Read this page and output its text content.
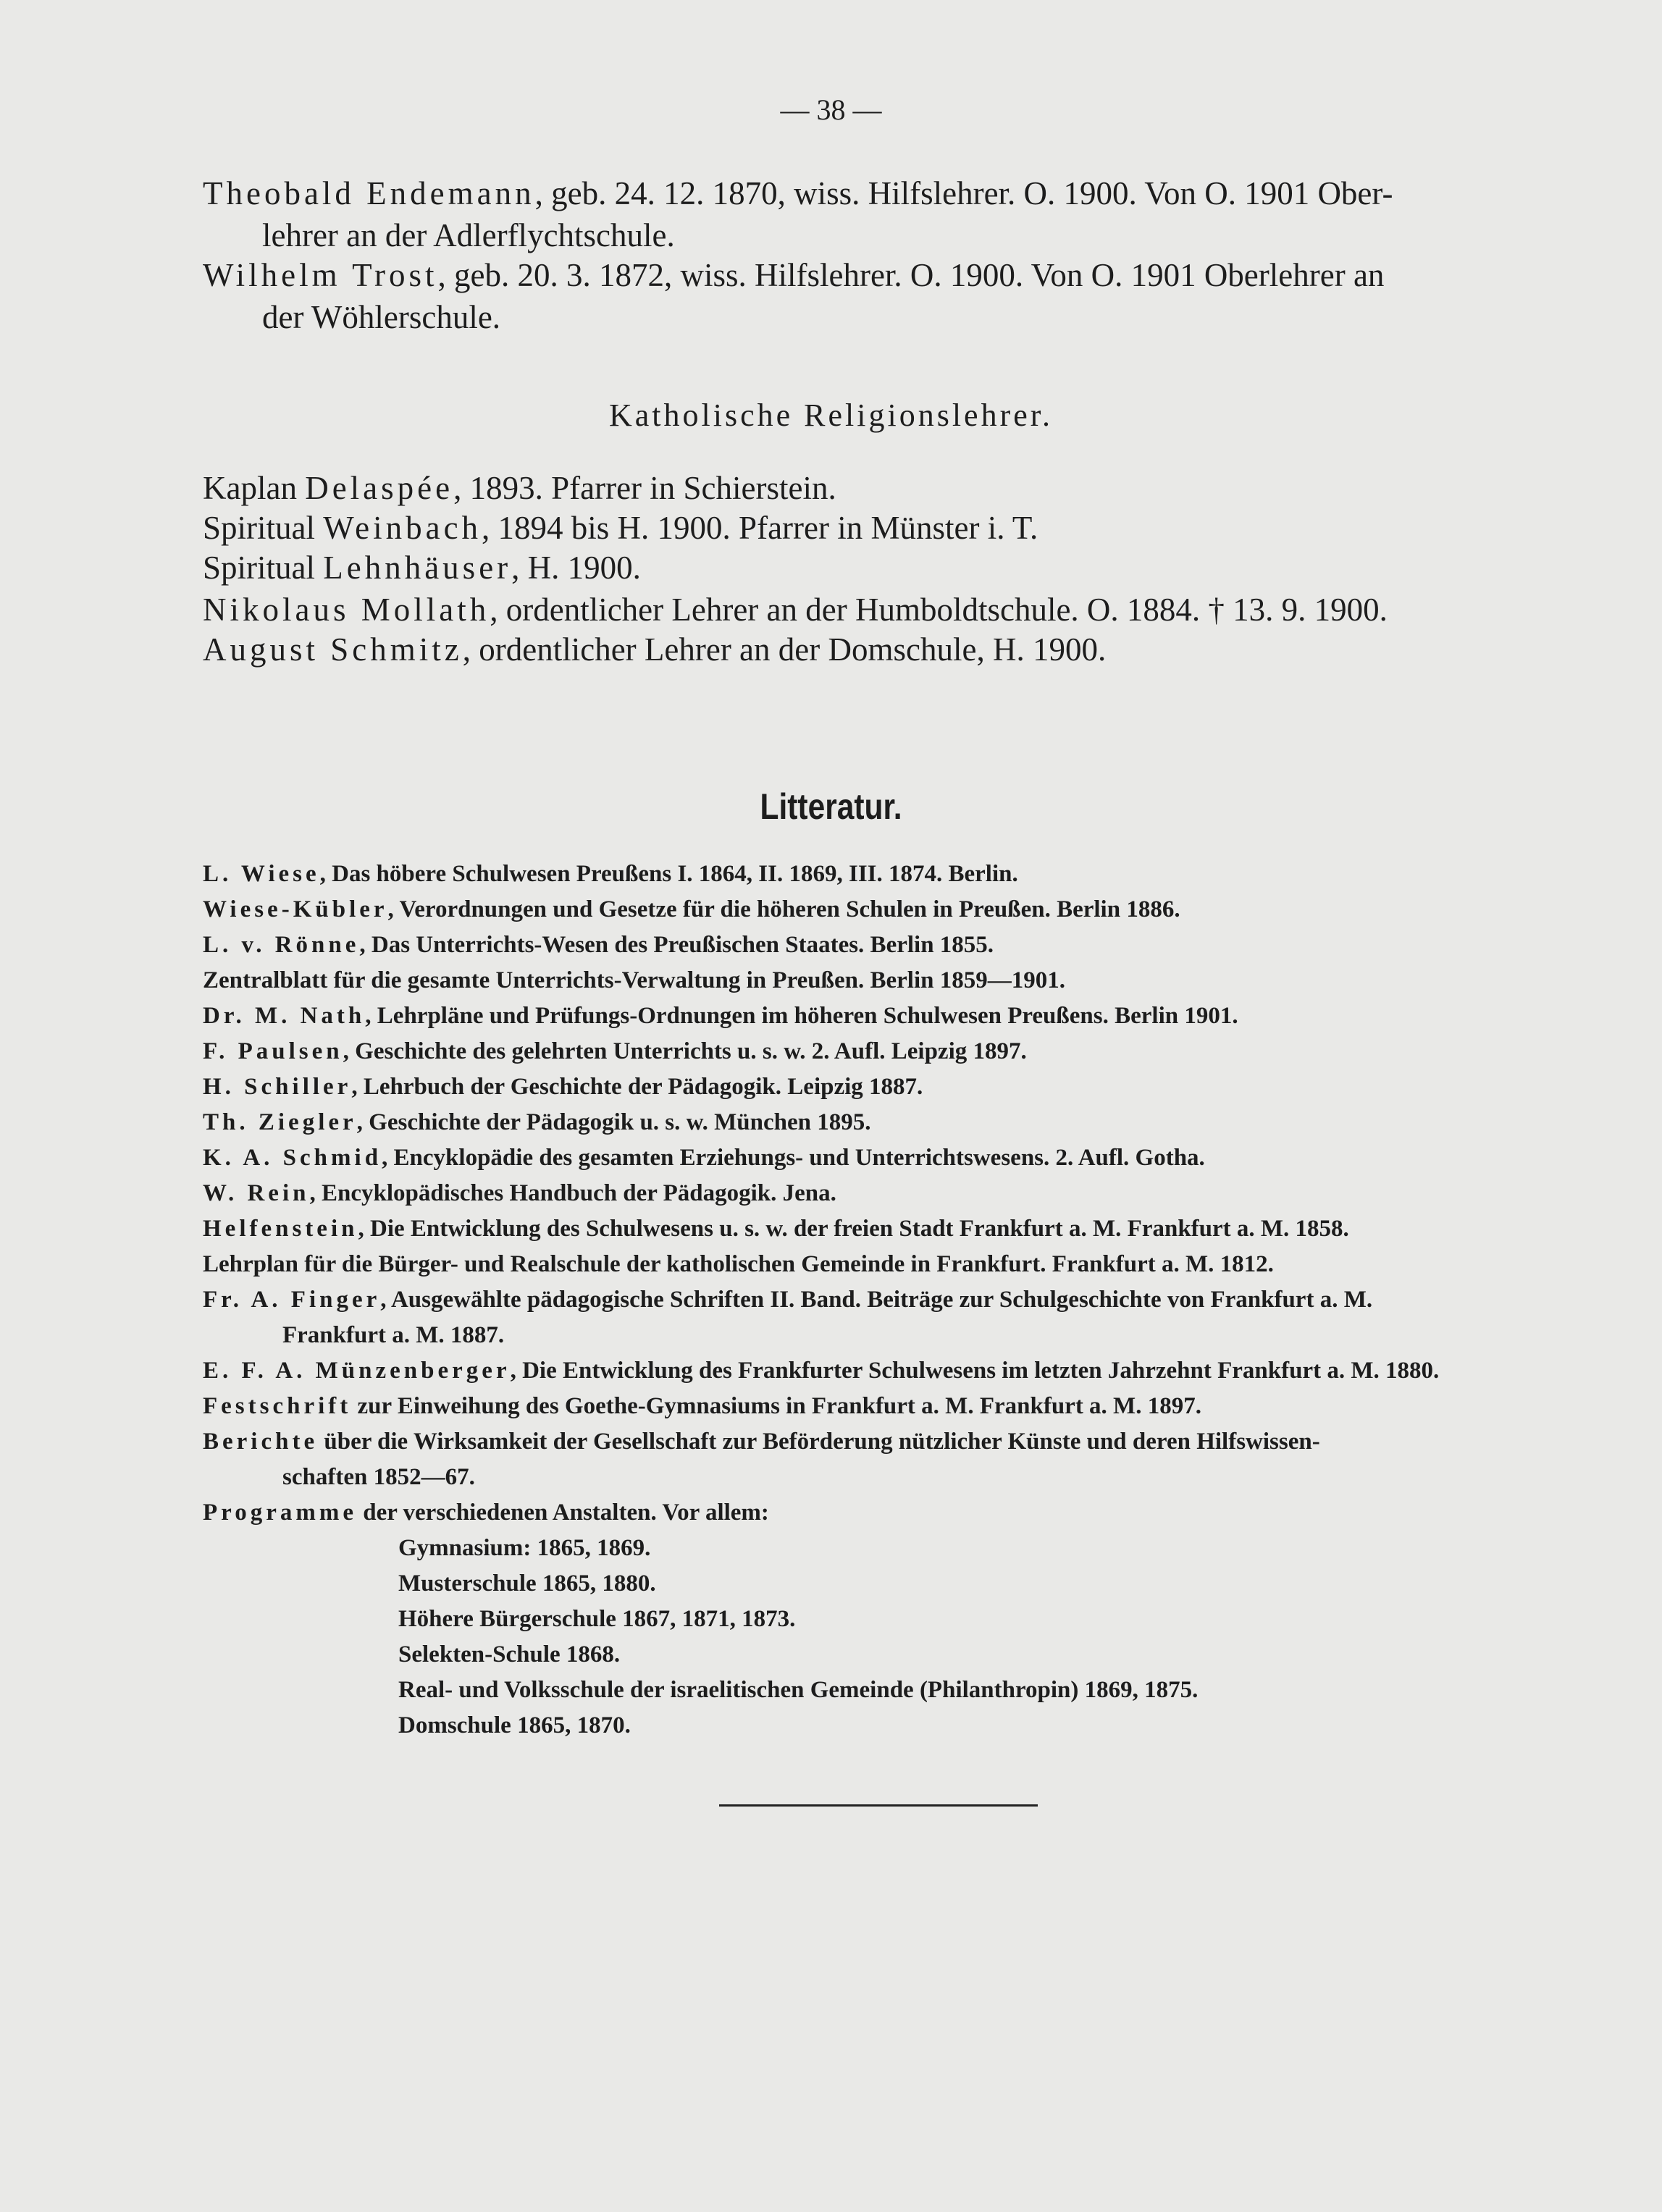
— 38 —
Theobald Endemann, geb. 24. 12. 1870, wiss. Hilfslehrer. O. 1900. Von O. 1901 Ober-
lehrer an der Adlerflychtschule.
Wilhelm Trost, geb. 20. 3. 1872, wiss. Hilfslehrer. O. 1900. Von O. 1901 Oberlehrer an
der Wöhlerschule.
Katholische Religionslehrer.
Kaplan Delaspée, 1893. Pfarrer in Schierstein.
Spiritual Weinbach, 1894 bis H. 1900. Pfarrer in Münster i. T.
Spiritual Lehnhäuser, H. 1900.
Nikolaus Mollath, ordentlicher Lehrer an der Humboldtschule. O. 1884. † 13. 9. 1900.
August Schmitz, ordentlicher Lehrer an der Domschule, H. 1900.
Litteratur.
L. Wiese, Das höbere Schulwesen Preußens I. 1864, II. 1869, III. 1874. Berlin.
Wiese-Kübler, Verordnungen und Gesetze für die höheren Schulen in Preußen. Berlin 1886.
L. v. Rönne, Das Unterrichts-Wesen des Preußischen Staates. Berlin 1855.
Zentralblatt für die gesamte Unterrichts-Verwaltung in Preußen. Berlin 1859—1901.
Dr. M. Nath, Lehrpläne und Prüfungs-Ordnungen im höheren Schulwesen Preußens. Berlin 1901.
F. Paulsen, Geschichte des gelehrten Unterrichts u. s. w. 2. Aufl. Leipzig 1897.
H. Schiller, Lehrbuch der Geschichte der Pädagogik. Leipzig 1887.
Th. Ziegler, Geschichte der Pädagogik u. s. w. München 1895.
K. A. Schmid, Encyklopädie des gesamten Erziehungs- und Unterrichtswesens. 2. Aufl. Gotha.
W. Rein, Encyklopädisches Handbuch der Pädagogik. Jena.
Helfenstein, Die Entwicklung des Schulwesens u. s. w. der freien Stadt Frankfurt a. M. Frankfurt a. M. 1858.
Lehrplan für die Bürger- und Realschule der katholischen Gemeinde in Frankfurt. Frankfurt a. M. 1812.
Fr. A. Finger, Ausgewählte pädagogische Schriften II. Band. Beiträge zur Schulgeschichte von Frankfurt a. M.
Frankfurt a. M. 1887.
E. F. A. Münzenberger, Die Entwicklung des Frankfurter Schulwesens im letzten Jahrzehnt Frankfurt a. M. 1880.
Festschrift zur Einweihung des Goethe-Gymnasiums in Frankfurt a. M. Frankfurt a. M. 1897.
Berichte über die Wirksamkeit der Gesellschaft zur Beförderung nützlicher Künste und deren Hilfswissen-
schaften 1852—67.
Programme der verschiedenen Anstalten. Vor allem:
Gymnasium: 1865, 1869.
Musterschule 1865, 1880.
Höhere Bürgerschule 1867, 1871, 1873.
Selekten-Schule 1868.
Real- und Volksschule der israelitischen Gemeinde (Philanthropin) 1869, 1875.
Domschule 1865, 1870.
